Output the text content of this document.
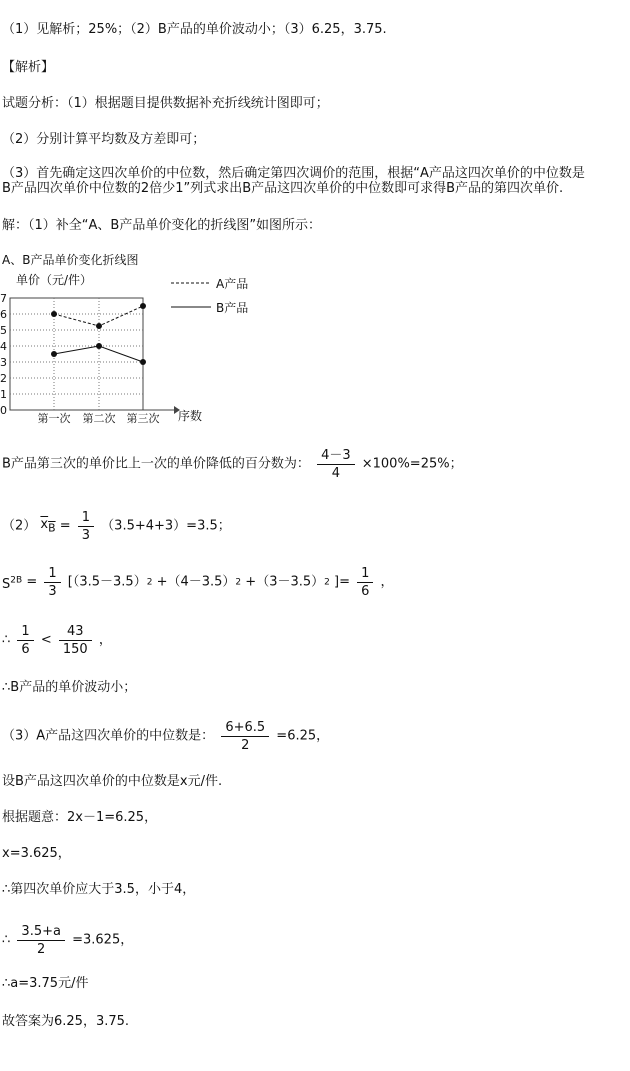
（1）见解析；25%；（2）B产品的单价波动小；（3）6.25，3.75.
【解析】
试题分析：（1）根据题目提供数据补充折线统计图即可；
（2）分别计算平均数及方差即可；
（3）首先确定这四次单价的中位数，然后确定第四次调价的范围，根据“A产品这四次单价的中位数是
B产品四次单价中位数的2倍少1”列式求出B产品这四次单价的中位数即可求得B产品的第四次单价.
解：（1）补全“A、B产品单价变化的折线图”如图所示：
A、B产品单价变化折线图
单价（元/件）
序数
0
1
2
3
4
5
6
7
第一次 第二次 第三次
A产品
B产品
B产品第三次的单价比上一次的单价降低的百分数为： $\frac{4-3}{4} \times 100\%=25\%$；
（2） $x_B = \frac{1}{3} (3.5+4+3)=3.5$；
$S^{2B} = \frac{1}{3} [(3.5-3.5)2 +(4-3.5)2 +(3-3.5)2$ ]= $\frac{1}{6}$ ，
∴ $\frac{1}{6} < \frac{43}{150}$ ，
∴B产品的单价波动小；
（3）A产品这四次单价的中位数是： $\frac{6+6.5}{2} =6.25$，
设B产品这四次单价的中位数是x元/件.
根据题意：2x－1=6.25，
x=3.625，
∴第四次单价应大于3.5，小于4，
∴ $\frac{3.5+a}{2} =3.625$，
∴a=3.75元/件
故答案为6.25，3.75.
